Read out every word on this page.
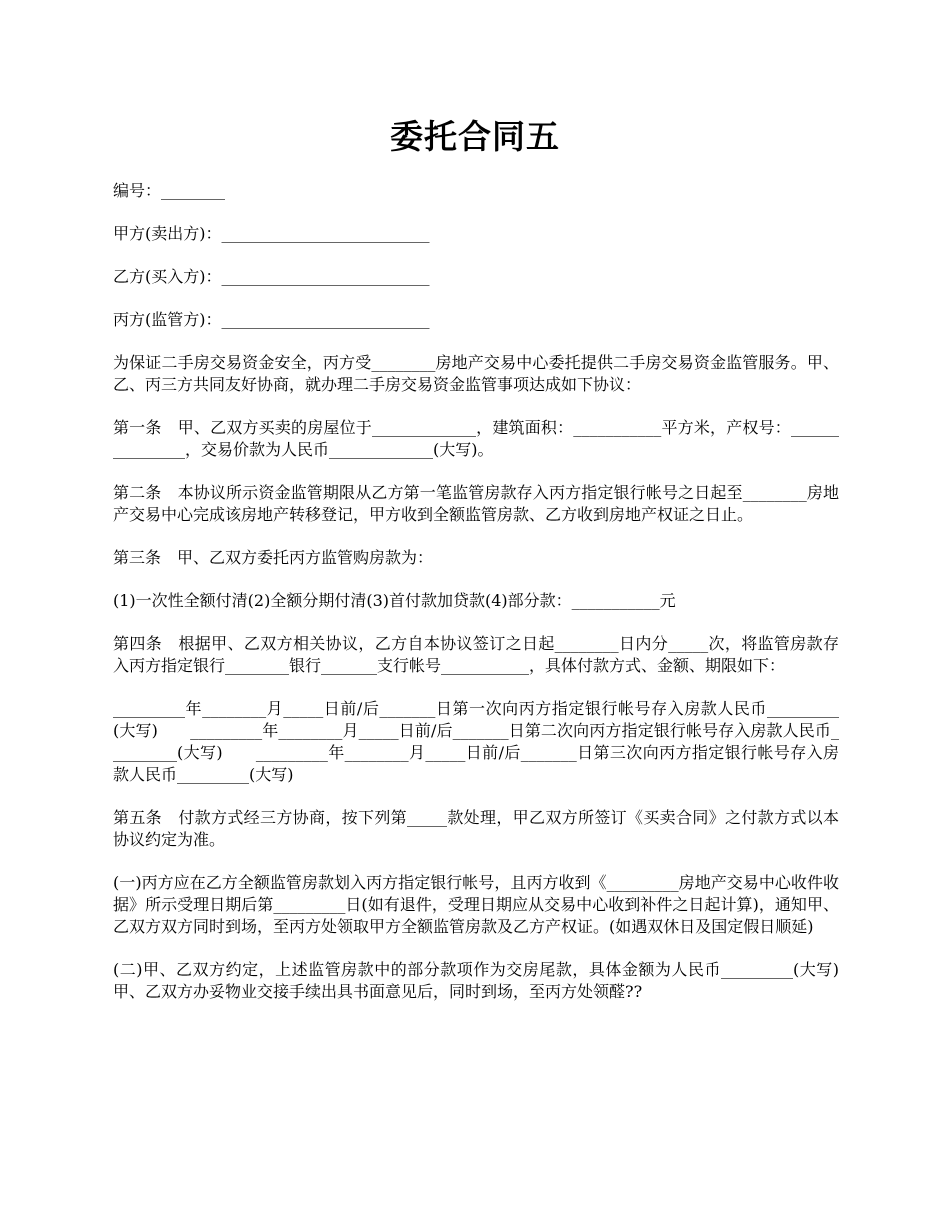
委托合同五

编号：________

甲方(卖出方)：__________________________

乙方(买入方)：__________________________

丙方(监管方)：__________________________

为保证二手房交易资金安全，丙方受________房地产交易中心委托提供二手房交易资金监管服务。甲、乙、丙三方共同友好协商，就办理二手房交易资金监管事项达成如下协议：

第一条　甲、乙双方买卖的房屋位于_____________，建筑面积：___________平方米，产权号：_______________，交易价款为人民币_____________(大写)。

第二条　本协议所示资金监管期限从乙方第一笔监管房款存入丙方指定银行帐号之日起至________房地产交易中心完成该房地产转移登记，甲方收到全额监管房款、乙方收到房地产权证之日止。

第三条　甲、乙双方委托丙方监管购房款为：

(1)一次性全额付清(2)全额分期付清(3)首付款加贷款(4)部分款：___________元

第四条　根据甲、乙双方相关协议，乙方自本协议签订之日起________日内分_____次，将监管房款存入丙方指定银行________银行_______支行帐号___________，具体付款方式、金额、期限如下：

_________年________月_____日前/后_______日第一次向丙方指定银行帐号存入房款人民币_________(大写)　　_________年________月_____日前/后_______日第二次向丙方指定银行帐号存入房款人民币_________(大写)　　_________年________月_____日前/后_______日第三次向丙方指定银行帐号存入房款人民币_________(大写)

第五条　付款方式经三方协商，按下列第_____款处理，甲乙双方所签订《买卖合同》之付款方式以本协议约定为准。

(一)丙方应在乙方全额监管房款划入丙方指定银行帐号，且丙方收到《_________房地产交易中心收件收据》所示受理日期后第_________日(如有退件，受理日期应从交易中心收到补件之日起计算)，通知甲、乙双方双方同时到场，至丙方处领取甲方全额监管房款及乙方产权证。(如遇双休日及国定假日顺延)

(二)甲、乙双方约定，上述监管房款中的部分款项作为交房尾款，具体金额为人民币_________(大写)甲、乙双方办妥物业交接手续出具书面意见后，同时到场，至丙方处领醛??
